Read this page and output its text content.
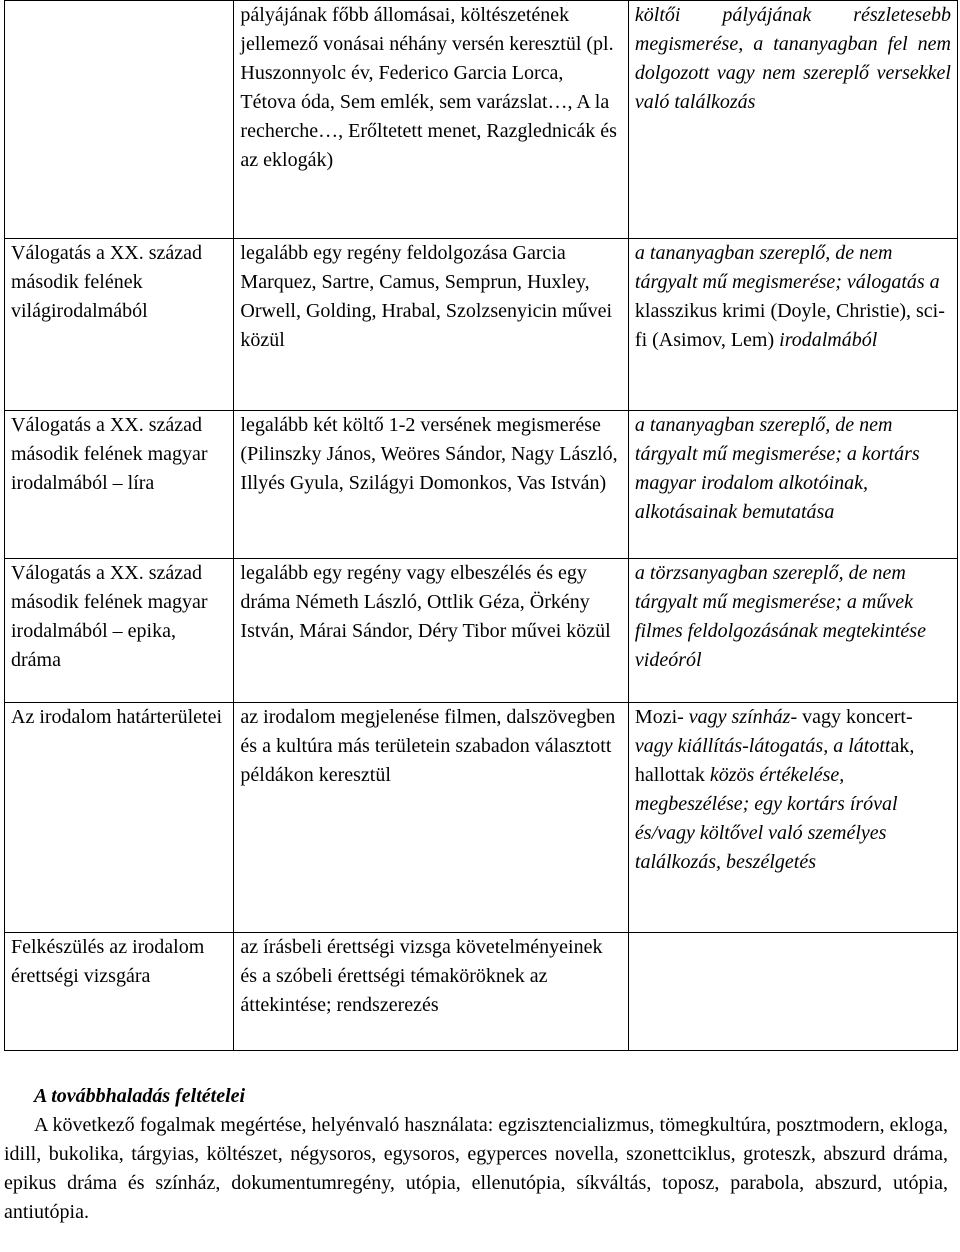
	pályájának főbb állomásai, költészetének jellemező vonásai néhány versén keresztül (pl. Huszonnyolc év, Federico Garcia Lorca, Tétova óda, Sem emlék, sem varázslat…, A la recherche…, Erőltetett menet, Razglednicák és az eklogák)	költői pályájának részletesebb megismerése, a tananyagban fel nem dolgozott vagy nem szereplő versekkel való találkozás
Válogatás a XX. század második felének világirodalmából	legalább egy regény feldolgozása Garcia Marquez, Sartre, Camus, Semprun, Huxley, Orwell, Golding, Hrabal, Szolzsenyicin művei közül	a tananyagban szereplő, de nem tárgyalt mű megismerése; válogatás a klasszikus krimi (Doyle, Christie), sci-fi (Asimov, Lem) irodalmából
Válogatás a XX. század második felének magyar irodalmából – líra	legalább két költő 1-2 versének megismerése (Pilinszky János, Weöres Sándor, Nagy László, Illyés Gyula, Szilágyi Domonkos, Vas István)	a tananyagban szereplő, de nem tárgyalt mű megismerése; a kortárs magyar irodalom alkotóinak, alkotásainak bemutatása
Válogatás a XX. század második felének magyar irodalmából – epika, dráma	legalább egy regény vagy elbeszélés és egy dráma Németh László, Ottlik Géza, Örkény István, Márai Sándor, Déry Tibor művei közül	a törzsanyagban szereplő, de nem tárgyalt mű megismerése; a művek filmes feldolgozásának megtekintése videóról
Az irodalom határterületei	az irodalom megjelenése filmen, dalszövegben és a kultúra más területein szabadon választott példákon keresztül	Mozi- vagy színház- vagy koncert- vagy kiállítás-látogatás, a látottak, hallottak közös értékelése, megbeszélése; egy kortárs íróval és/vagy költővel való személyes találkozás, beszélgetés
Felkészülés az irodalom érettségi vizsgára	az írásbeli érettségi vizsga követelményeinek és a szóbeli érettségi témaköröknek az áttekintése; rendszerezés	
A továbbhaladás feltételei

A következő fogalmak megértése, helyénvaló használata: egzisztencializmus, tömegkultúra, posztmodern, ekloga, idill, bukolika, tárgyias, költészet, négysoros, egysoros, egyperces novella, szonettciklus, groteszk, abszurd dráma, epikus dráma és színház, dokumentumregény, utópia, ellenutópia, síkváltás, toposz, parabola, abszurd, utópia, antiutópia.
